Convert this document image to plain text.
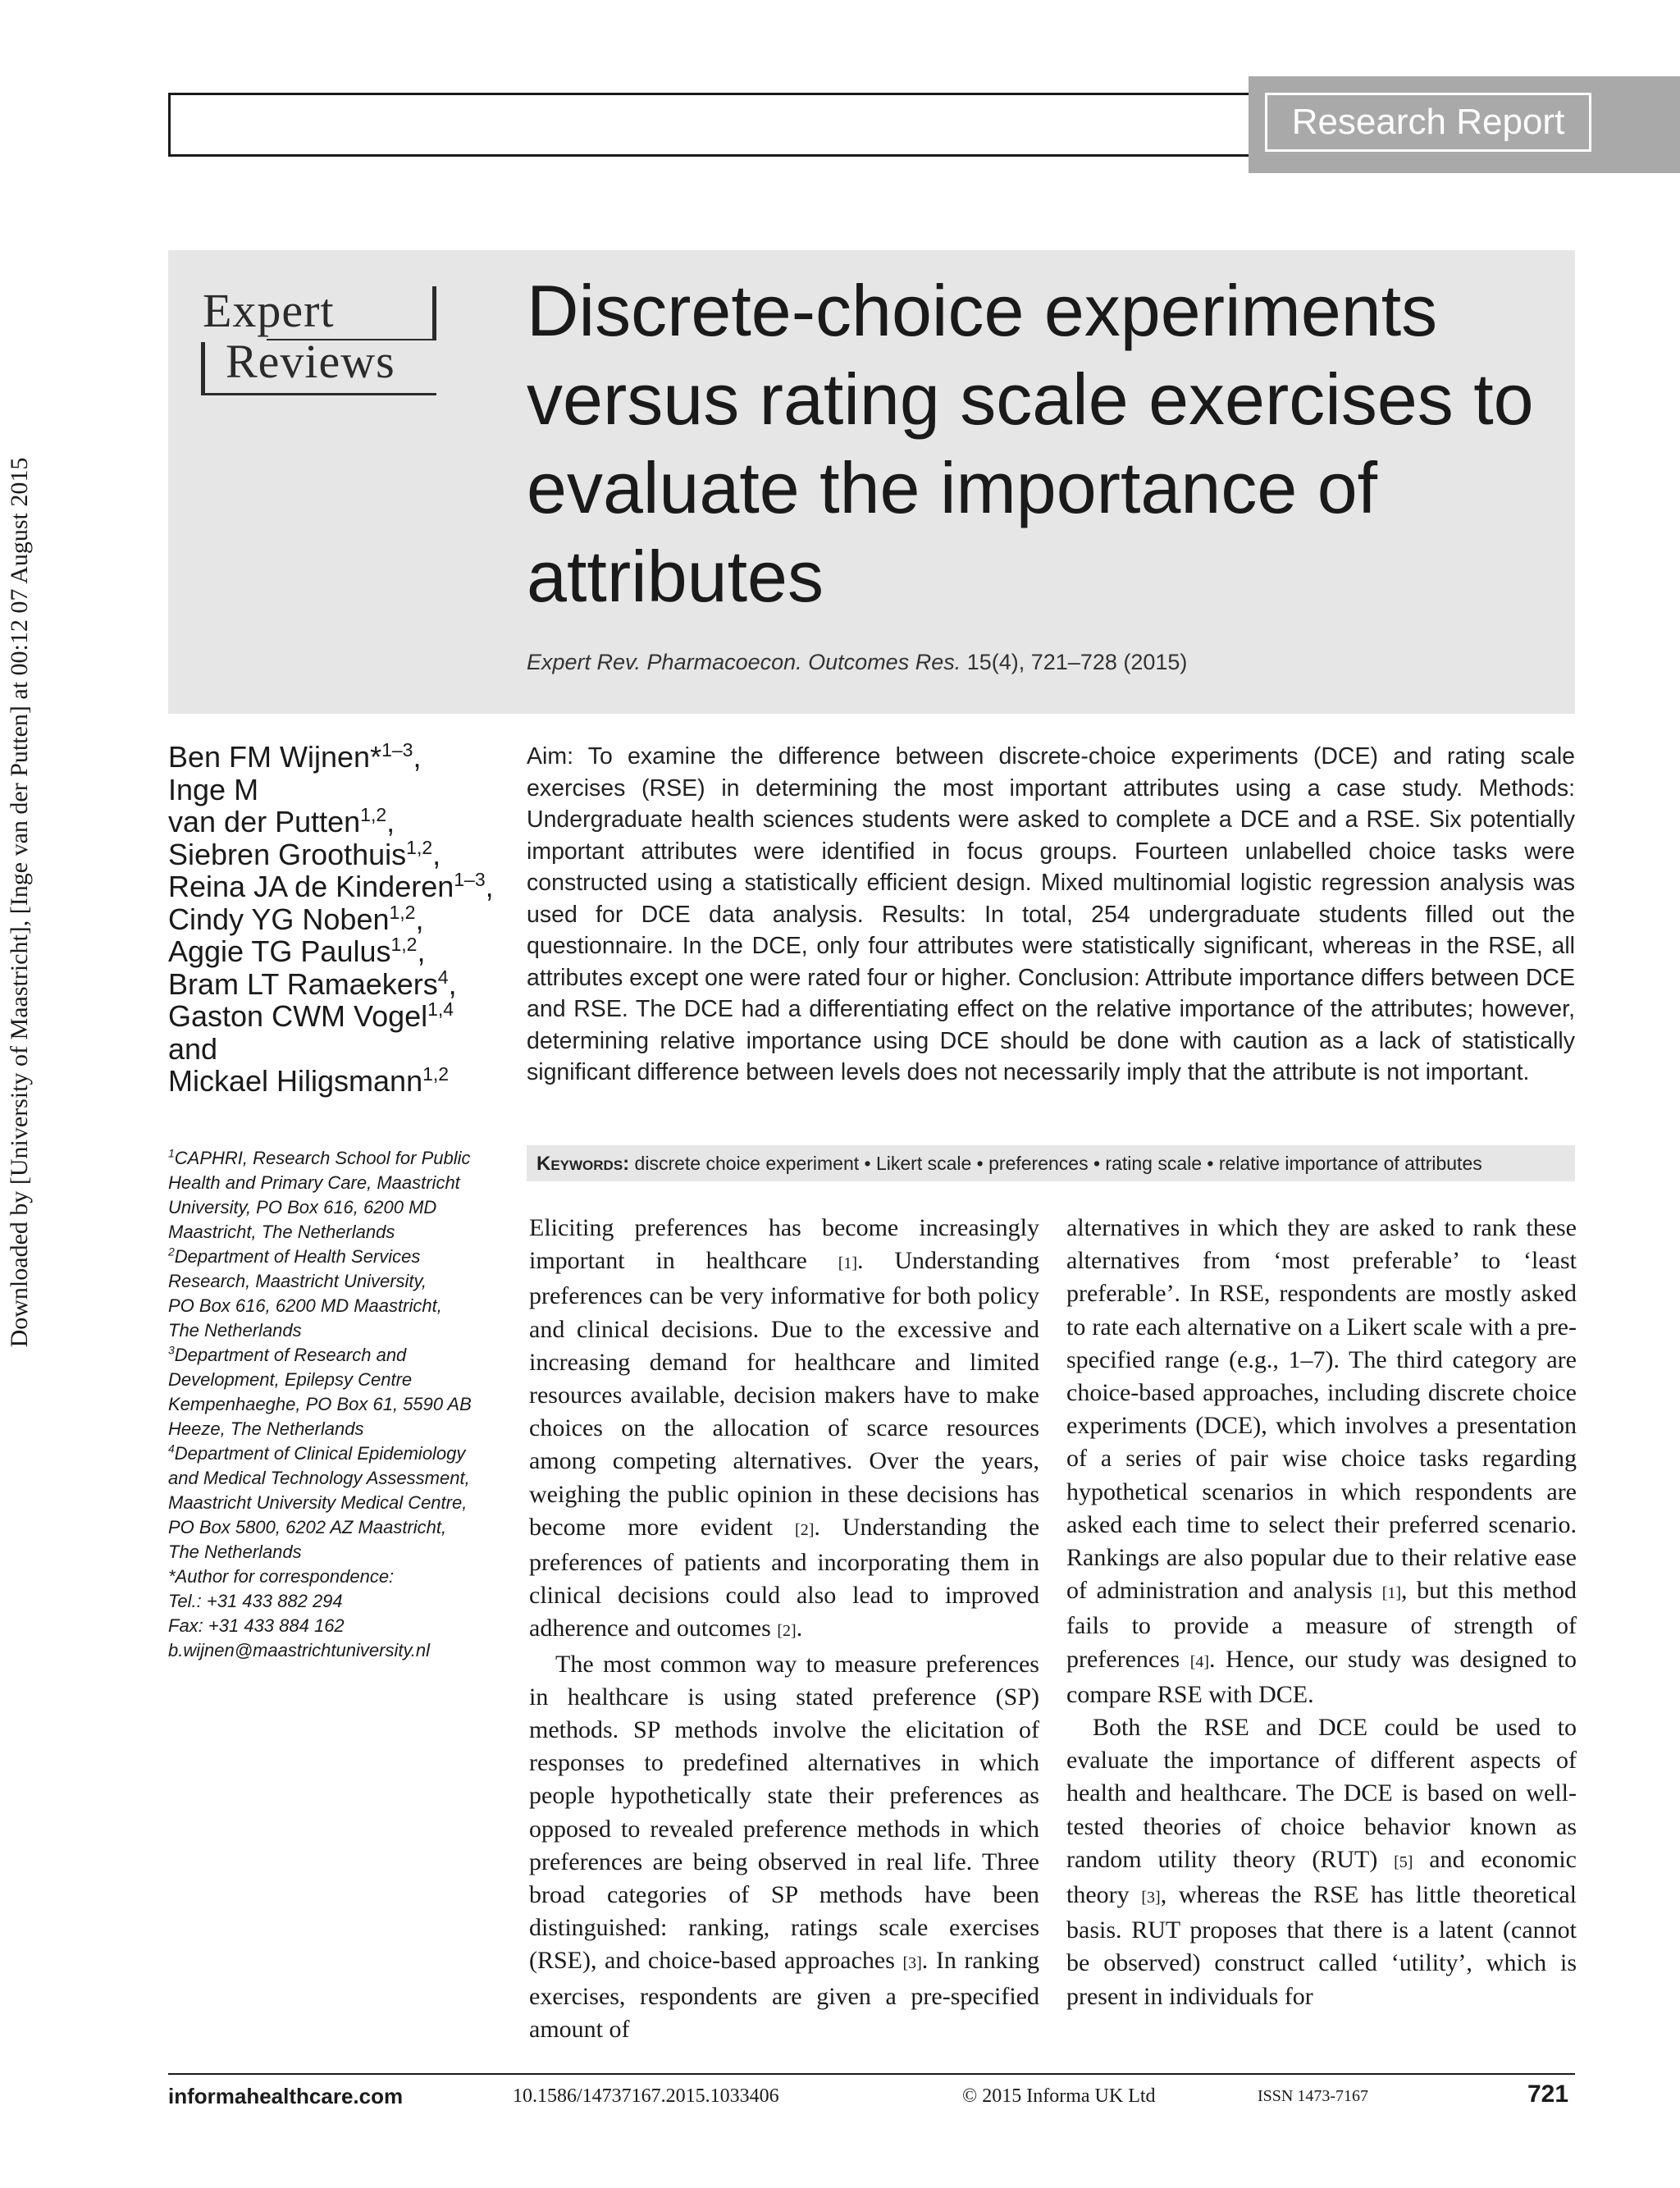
Research Report
Downloaded by [University of Maastricht], [Inge van der Putten] at 00:12 07 August 2015
Expert
Reviews
Discrete-choice experiments versus rating scale exercises to evaluate the importance of attributes
Expert Rev. Pharmacoecon. Outcomes Res. 15(4), 721–728 (2015)
Ben FM Wijnen*$^{1-3}$,
Inge M
van der Putten$^{1,2}$,
Siebren Groothuis$^{1,2}$,
Reina JA de Kinderen$^{1-3}$,
Cindy YG Noben$^{1,2}$,
Aggie TG Paulus$^{1,2}$,
Bram LT Ramaekers$^4$,
Gaston CWM Vogel$^{1,4}$
and
Mickael Hiligsmann$^{1,2}$
$^1$CAPHRI, Research School for Public
Health and Primary Care, Maastricht
University, PO Box 616, 6200 MD
Maastricht, The Netherlands
$^2$Department of Health Services
Research, Maastricht University,
PO Box 616, 6200 MD Maastricht,
The Netherlands
$^3$Department of Research and
Development, Epilepsy Centre
Kempenhaeghe, PO Box 61, 5590 AB
Heeze, The Netherlands
$^4$Department of Clinical Epidemiology
and Medical Technology Assessment,
Maastricht University Medical Centre,
PO Box 5800, 6202 AZ Maastricht,
The Netherlands
*Author for correspondence:
Tel.: +31 433 882 294
Fax: +31 433 884 162
b.wijnen@maastrichtuniversity.nl
Aim: To examine the difference between discrete-choice experiments (DCE) and rating scale exercises (RSE) in determining the most important attributes using a case study. Methods: Undergraduate health sciences students were asked to complete a DCE and a RSE. Six potentially important attributes were identified in focus groups. Fourteen unlabelled choice tasks were constructed using a statistically efficient design. Mixed multinomial logistic regression analysis was used for DCE data analysis. Results: In total, 254 undergraduate students filled out the questionnaire. In the DCE, only four attributes were statistically significant, whereas in the RSE, all attributes except one were rated four or higher. Conclusion: Attribute importance differs between DCE and RSE. The DCE had a differentiating effect on the relative importance of the attributes; however, determining relative importance using DCE should be done with caution as a lack of statistically significant difference between levels does not necessarily imply that the attribute is not important.
Keywords: discrete choice experiment • Likert scale • preferences • rating scale • relative importance of attributes

Eliciting preferences has become increasingly important in healthcare [1]. Understanding preferences can be very informative for both policy and clinical decisions. Due to the excessive and increasing demand for healthcare and limited resources available, decision makers have to make choices on the allocation of scarce resources among competing alternatives. Over the years, weighing the public opinion in these decisions has become more evident [2]. Understanding the preferences of patients and incorporating them in clinical decisions could also lead to improved adherence and outcomes [2].

The most common way to measure preferences in healthcare is using stated preference (SP) methods. SP methods involve the elicitation of responses to predefined alternatives in which people hypothetically state their preferences as opposed to revealed preference methods in which preferences are being observed in real life. Three broad categories of SP methods have been distinguished: ranking, ratings scale exercises (RSE), and choice-based approaches [3]. In ranking exercises, respondents are given a pre-specified amount of

alternatives in which they are asked to rank these alternatives from ‘most preferable’ to ‘least preferable’. In RSE, respondents are mostly asked to rate each alternative on a Likert scale with a pre-specified range (e.g., 1–7). The third category are choice-based approaches, including discrete choice experiments (DCE), which involves a presentation of a series of pair wise choice tasks regarding hypothetical scenarios in which respondents are asked each time to select their preferred scenario. Rankings are also popular due to their relative ease of administration and analysis [1], but this method fails to provide a measure of strength of preferences [4]. Hence, our study was designed to compare RSE with DCE.

Both the RSE and DCE could be used to evaluate the importance of different aspects of health and healthcare. The DCE is based on well-tested theories of choice behavior known as random utility theory (RUT) [5] and economic theory [3], whereas the RSE has little theoretical basis. RUT proposes that there is a latent (cannot be observed) construct called ‘utility’, which is present in individuals for

informahealthcare.com	10.1586/14737167.2015.1033406	© 2015 Informa UK Ltd	ISSN 1473-7167	721
